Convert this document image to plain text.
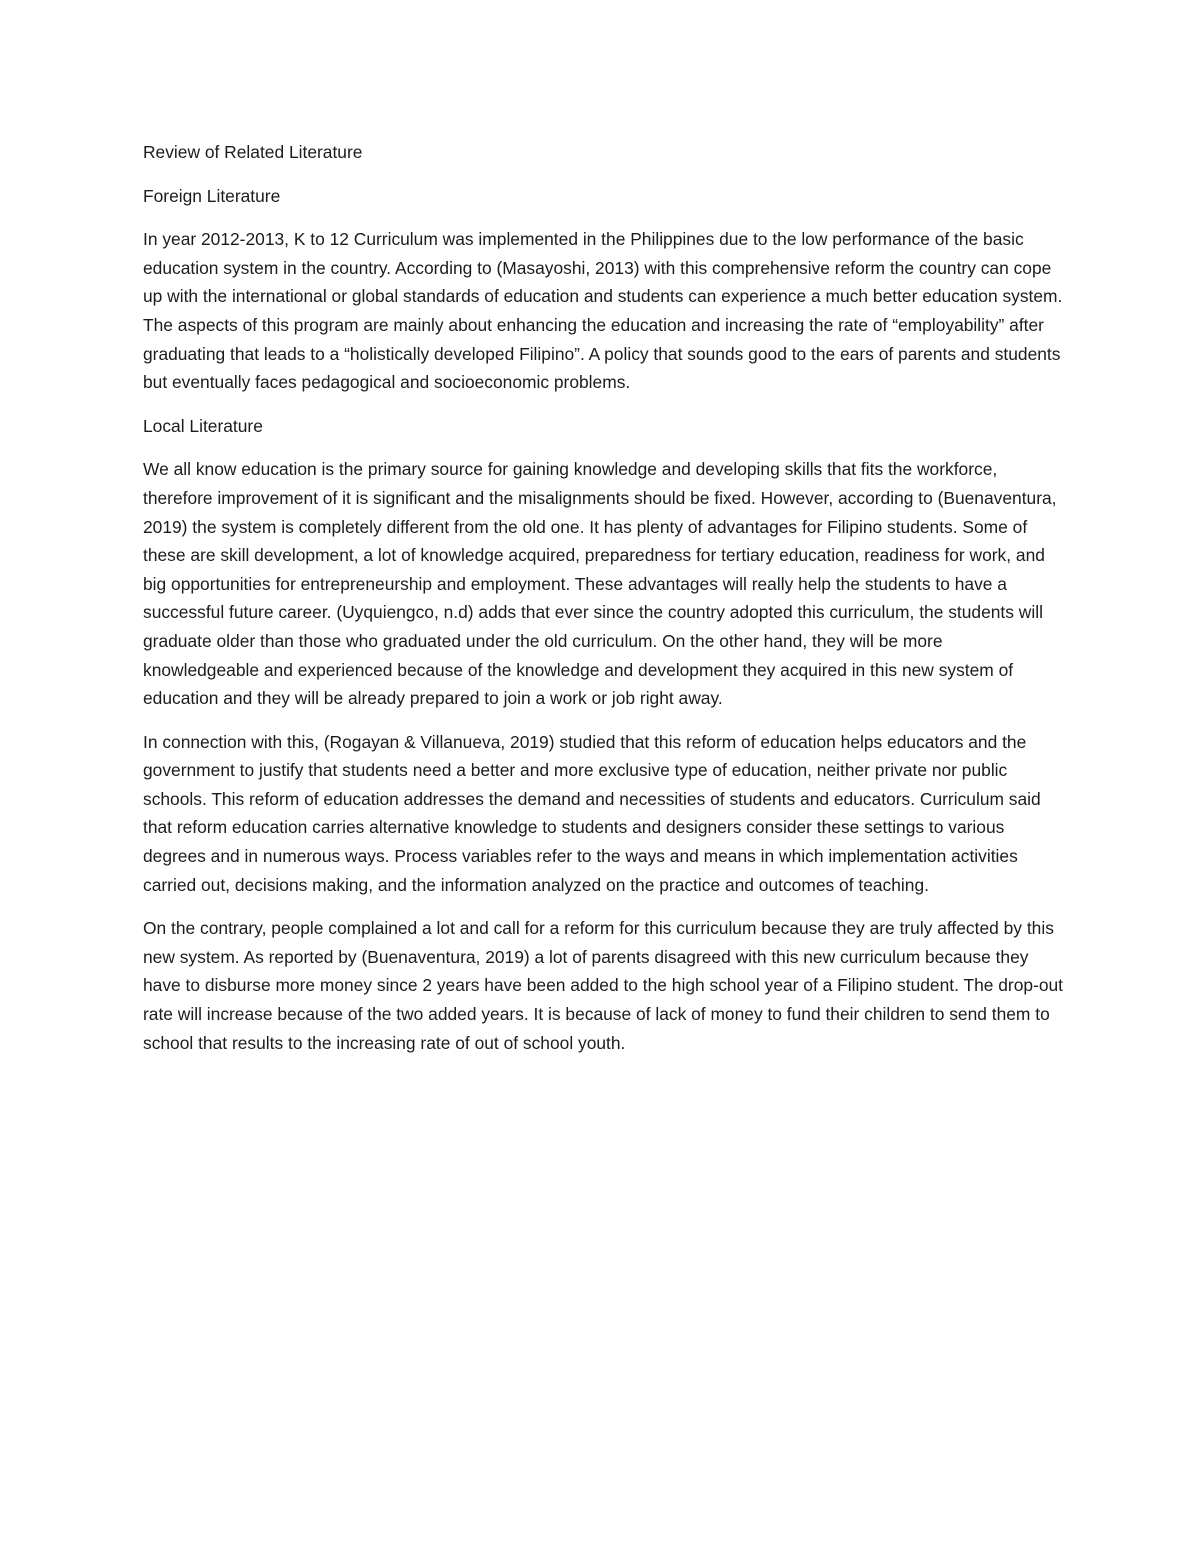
Review of Related Literature

Foreign Literature

In year 2012-2013, K to 12 Curriculum was implemented in the Philippines due to the low performance of the basic education system in the country. According to (Masayoshi, 2013) with this comprehensive reform the country can cope up with the international or global standards of education and students can experience a much better education system. The aspects of this program are mainly about enhancing the education and increasing the rate of “employability” after graduating that leads to a “holistically developed Filipino”. A policy that sounds good to the ears of parents and students but eventually faces pedagogical and socioeconomic problems.

Local Literature

We all know education is the primary source for gaining knowledge and developing skills that fits the workforce, therefore improvement of it is significant and the misalignments should be fixed. However, according to (Buenaventura, 2019) the system is completely different from the old one. It has plenty of advantages for Filipino students. Some of these are skill development, a lot of knowledge acquired, preparedness for tertiary education, readiness for work, and big opportunities for entrepreneurship and employment. These advantages will really help the students to have a successful future career. (Uyquiengco, n.d) adds that ever since the country adopted this curriculum, the students will graduate older than those who graduated under the old curriculum. On the other hand, they will be more knowledgeable and experienced because of the knowledge and development they acquired in this new system of education and they will be already prepared to join a work or job right away.

In connection with this, (Rogayan & Villanueva, 2019) studied that this reform of education helps educators and the government to justify that students need a better and more exclusive type of education, neither private nor public schools. This reform of education addresses the demand and necessities of students and educators. Curriculum said that reform education carries alternative knowledge to students and designers consider these settings to various degrees and in numerous ways. Process variables refer to the ways and means in which implementation activities carried out, decisions making, and the information analyzed on the practice and outcomes of teaching.

On the contrary, people complained a lot and call for a reform for this curriculum because they are truly affected by this new system. As reported by (Buenaventura, 2019) a lot of parents disagreed with this new curriculum because they have to disburse more money since 2 years have been added to the high school year of a Filipino student. The drop-out rate will increase because of the two added years. It is because of lack of money to fund their children to send them to school that results to the increasing rate of out of school youth.
